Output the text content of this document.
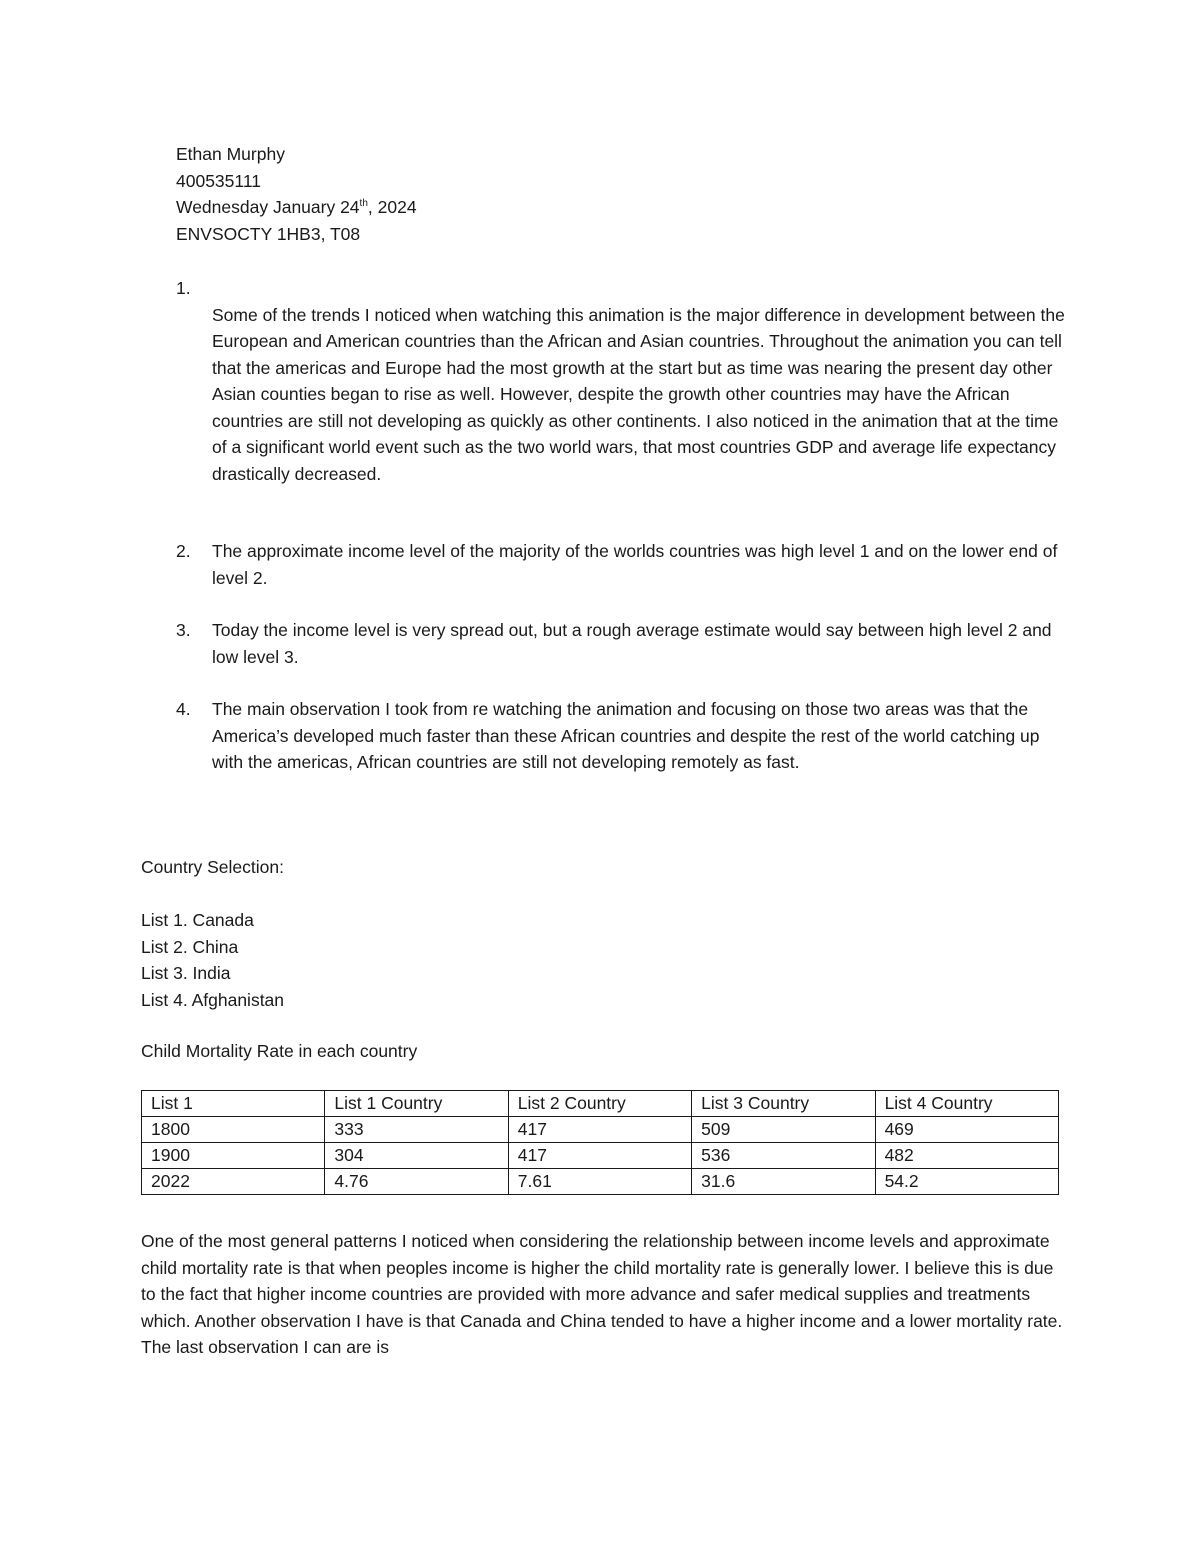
Ethan Murphy
400535111
Wednesday January 24th, 2024
ENVSOCTY 1HB3, T08
1.
Some of the trends I noticed when watching this animation is the major difference in development between the European and American countries than the African and Asian countries. Throughout the animation you can tell that the americas and Europe had the most growth at the start but as time was nearing the present day other Asian counties began to rise as well. However, despite the growth other countries may have the African countries are still not developing as quickly as other continents. I also noticed in the animation that at the time of a significant world event such as the two world wars, that most countries GDP and average life expectancy drastically decreased.
2. The approximate income level of the majority of the worlds countries was high level 1 and on the lower end of level 2.
3. Today the income level is very spread out, but a rough average estimate would say between high level 2 and low level 3.
4. The main observation I took from re watching the animation and focusing on those two areas was that the America’s developed much faster than these African countries and despite the rest of the world catching up with the americas, African countries are still not developing remotely as fast.
Country Selection:
List 1. Canada
List 2. China
List 3. India
List 4. Afghanistan
Child Mortality Rate in each country
List 1	List 1 Country	List 2 Country	List 3 Country	List 4 Country
1800	333	417	509	469
1900	304	417	536	482
2022	4.76	7.61	31.6	54.2
One of the most general patterns I noticed when considering the relationship between income levels and approximate child mortality rate is that when peoples income is higher the child mortality rate is generally lower. I believe this is due to the fact that higher income countries are provided with more advance and safer medical supplies and treatments which. Another observation I have is that Canada and China tended to have a higher income and a lower mortality rate. The last observation I can are is
